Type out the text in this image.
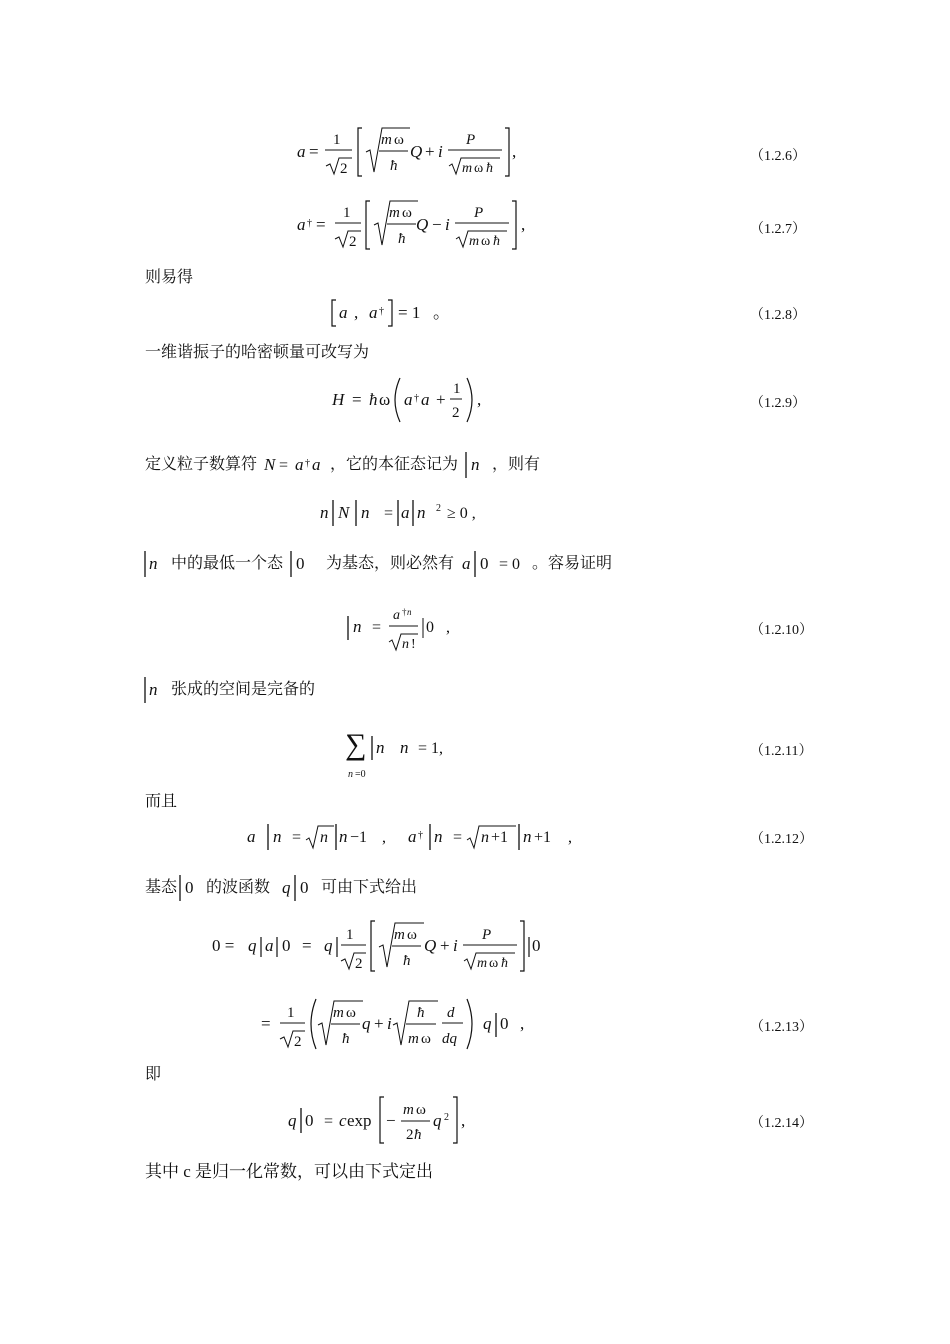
a =
1
2
m ω
ħ
Q + i
P
m ω ħ
,	（1.2.6）
a † =
1
2
m ω
ħ
Q − i
P
m ω ħ
,	（1.2.7）
则易得
a , a † = 1 。	（1.2.8）
一维谐振子的哈密顿量可改写为
H = ħ ω a † a +
1
2
,	（1.2.9）
定义粒子数算符 N = a † a ，它的本征态记为 n ，则有
n N n = a n 2 ≥ 0 ,
n 中的最低一个态 0 为基态，则必然有 a 0 = 0 。容易证明
n =
a † n
n !
0 ,	（1.2.10）
n 张成的空间是完备的
∑
n =0
n n = 1,	（1.2.11）
而且
a n = n n −1 , a † n = n +1 n +1 ,	（1.2.12）
基态 0 的波函数 q 0 可由下式给出
0 = q a 0 = q
1
2
m ω
ħ
Q + i
P
m ω ħ
0
=
1
2
m ω
ħ
q + i
ħ
m ω
d
dq
q 0 ,	（1.2.13）
即
q 0 = c exp −
m ω
2 ħ
q 2 ,	（1.2.14）
其中 c 是归一化常数，可以由下式定出
